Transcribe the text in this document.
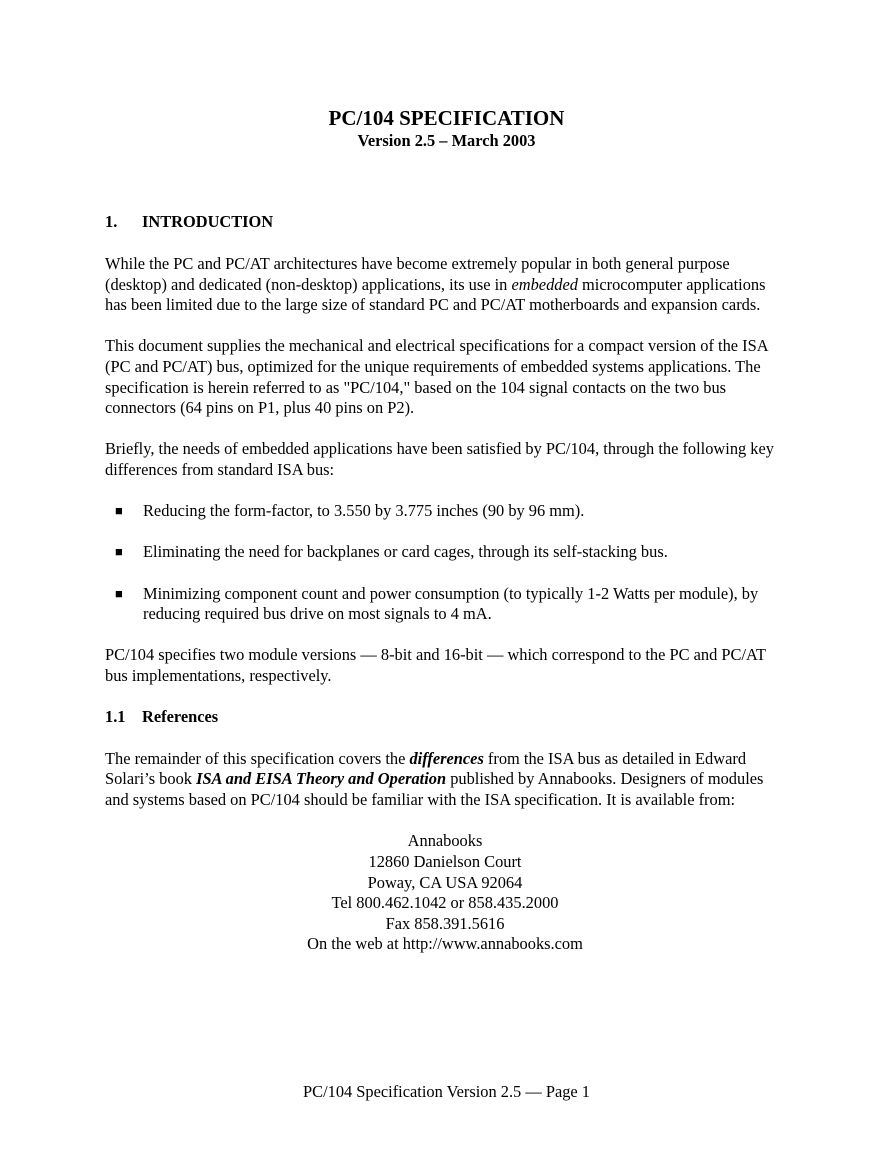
PC/104 SPECIFICATION
Version 2.5 – March 2003
1. INTRODUCTION

While the PC and PC/AT architectures have become extremely popular in both general purpose (desktop) and dedicated (non-desktop) applications, its use in embedded microcomputer applications has been limited due to the large size of standard PC and PC/AT motherboards and expansion cards.

This document supplies the mechanical and electrical specifications for a compact version of the ISA (PC and PC/AT) bus, optimized for the unique requirements of embedded systems applications. The specification is herein referred to as "PC/104," based on the 104 signal contacts on the two bus connectors (64 pins on P1, plus 40 pins on P2).

Briefly, the needs of embedded applications have been satisfied by PC/104, through the following key differences from standard ISA bus:

■ Reducing the form-factor, to 3.550 by 3.775 inches (90 by 96 mm).
■ Eliminating the need for backplanes or card cages, through its self-stacking bus.
■ Minimizing component count and power consumption (to typically 1-2 Watts per module), by reducing required bus drive on most signals to 4 mA.

PC/104 specifies two module versions — 8-bit and 16-bit — which correspond to the PC and PC/AT bus implementations, respectively.

1.1 References

The remainder of this specification covers the differences from the ISA bus as detailed in Edward Solari’s book ISA and EISA Theory and Operation published by Annabooks. Designers of modules and systems based on PC/104 should be familiar with the ISA specification. It is available from:

Annabooks
12860 Danielson Court
Poway, CA USA 92064
Tel 800.462.1042 or 858.435.2000
Fax 858.391.5616
On the web at http://www.annabooks.com
PC/104 Specification Version 2.5 — Page 1
